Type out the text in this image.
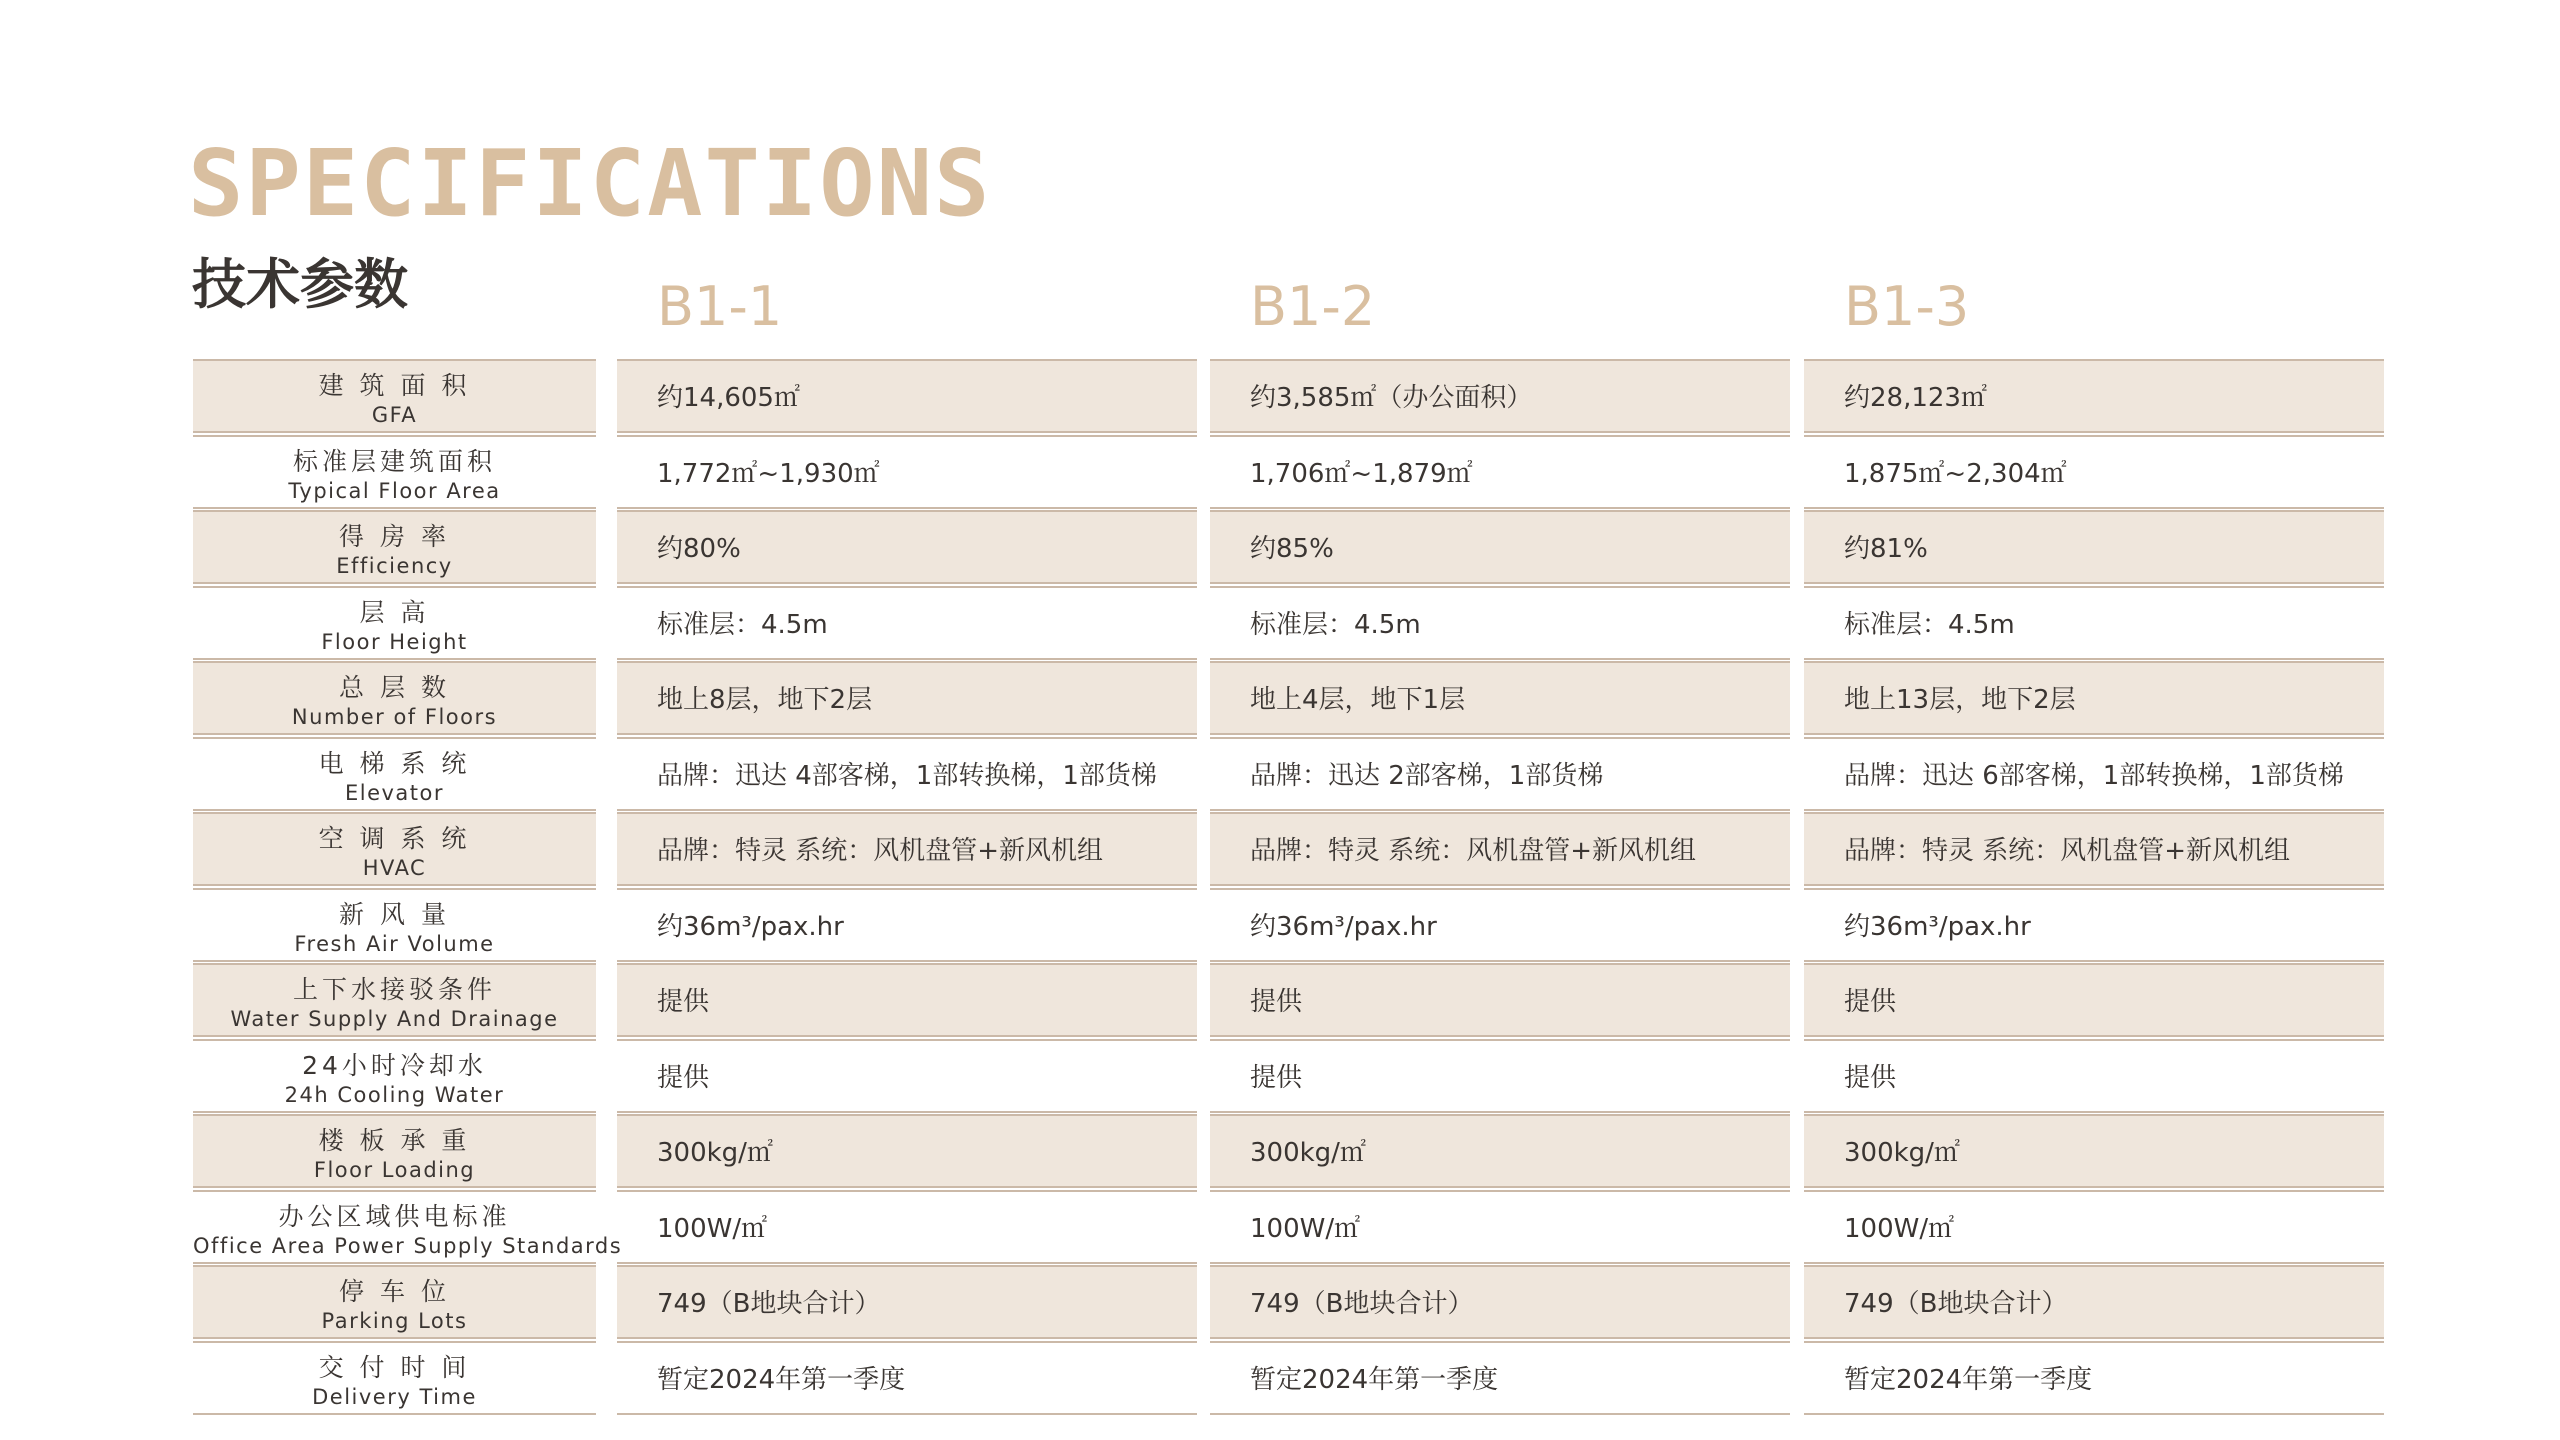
SPECIFICATIONS
技术参数	B1-1	B1-2	B1-3
建 筑 面 积
GFA
约14,605㎡	约3,585㎡（办公面积）	约28,123㎡
标准层建筑面积
Typical Floor Area
1,772㎡~1,930㎡	1,706㎡~1,879㎡	1,875㎡~2,304㎡
得 房 率
Efficiency
约80%	约85%	约81%
层 高
Floor Height
标准层：4.5m	标准层：4.5m	标准层：4.5m
总 层 数
Number of Floors
地上8层，地下2层	地上4层，地下1层	地上13层，地下2层
电 梯 系 统
Elevator
品牌：迅达 4部客梯，1部转换梯，1部货梯	品牌：迅达 2部客梯，1部货梯	品牌：迅达 6部客梯，1部转换梯，1部货梯
空 调 系 统
HVAC
品牌：特灵 系统：风机盘管+新风机组	品牌：特灵 系统：风机盘管+新风机组	品牌：特灵 系统：风机盘管+新风机组
新 风 量
Fresh Air Volume
约36m³/pax.hr	约36m³/pax.hr	约36m³/pax.hr
上下水接驳条件
Water Supply And Drainage
提供	提供	提供
24小时冷却水
24h Cooling Water
提供	提供	提供
楼 板 承 重
Floor Loading
300kg/㎡	300kg/㎡	300kg/㎡
办公区域供电标准
Office Area Power Supply Standards
100W/㎡	100W/㎡	100W/㎡
停 车 位
Parking Lots
749（B地块合计）	749（B地块合计）	749（B地块合计）
交 付 时 间
Delivery Time
暂定2024年第一季度	暂定2024年第一季度	暂定2024年第一季度
